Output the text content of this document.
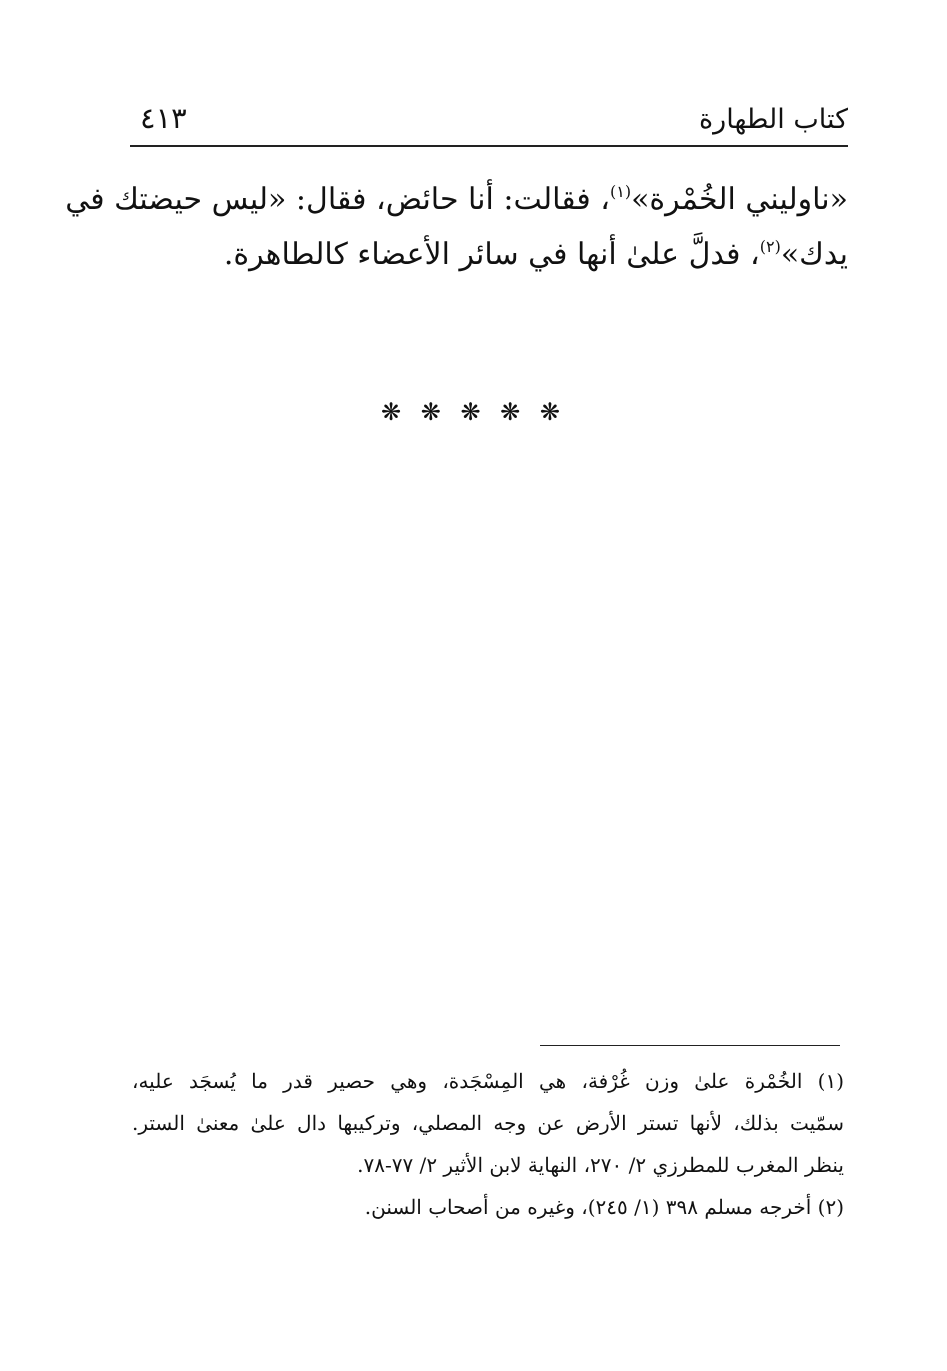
كتاب الطهارة
٤١٣
«ناوليني الخُمْرة»$^{(١)}$، فقالت: أنا حائض، فقال: «ليس حيضتك في
يدك»$^{(٢)}$، فدلَّ علىٰ أنها في سائر الأعضاء كالطاهرة.
❋ ❋ ❋ ❋ ❋
(١) الخُمْرة علىٰ وزن غُرْفة، هي المِسْجَدة، وهي حصير قدر ما يُسجَد عليه،
سمّيت بذلك، لأنها تستر الأرض عن وجه المصلي، وتركيبها دال علىٰ معنىٰ الستر.
ينظر المغرب للمطرزي ٢/ ٢٧٠، النهاية لابن الأثير ٢/ ٧٧-٧٨.
(٢) أخرجه مسلم ٣٩٨ (١/ ٢٤٥)، وغيره من أصحاب السنن.
